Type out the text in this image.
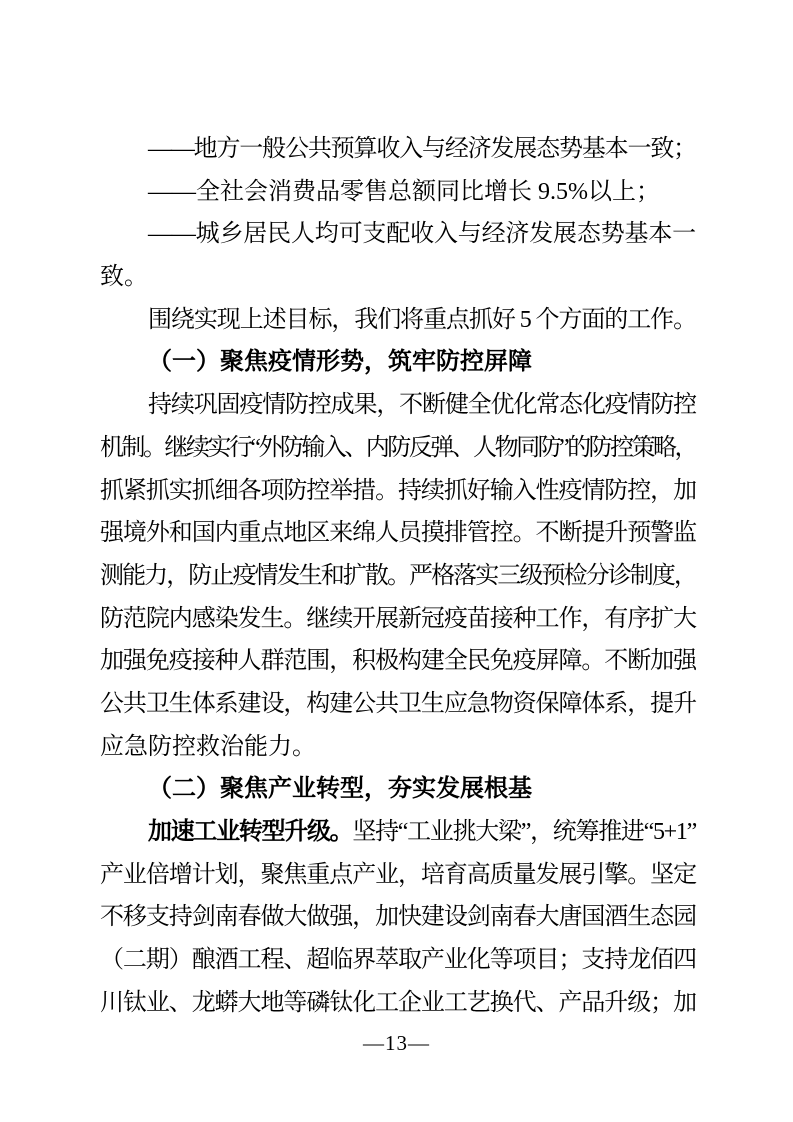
——地方一般公共预算收入与经济发展态势基本一致；
——全社会消费品零售总额同比增长 9.5%以上；
——城乡居民人均可支配收入与经济发展态势基本一
致。
围绕实现上述目标，我们将重点抓好 5 个方面的工作。
（一）聚焦疫情形势，筑牢防控屏障
持续巩固疫情防控成果，不断健全优化常态化疫情防控
机制。继续实行“外防输入、内防反弹、人物同防”的防控策略，
抓紧抓实抓细各项防控举措。持续抓好输入性疫情防控，加
强境外和国内重点地区来绵人员摸排管控。不断提升预警监
测能力，防止疫情发生和扩散。严格落实三级预检分诊制度，
防范院内感染发生。继续开展新冠疫苗接种工作，有序扩大
加强免疫接种人群范围，积极构建全民免疫屏障。不断加强
公共卫生体系建设，构建公共卫生应急物资保障体系，提升
应急防控救治能力。
（二）聚焦产业转型，夯实发展根基
加速工业转型升级。坚持“工业挑大梁”，统筹推进“5+1”
产业倍增计划，聚焦重点产业，培育高质量发展引擎。坚定
不移支持剑南春做大做强，加快建设剑南春大唐国酒生态园
（二期）酿酒工程、超临界萃取产业化等项目；支持龙佰四
川钛业、龙蟒大地等磷钛化工企业工艺换代、产品升级；加
—13—
